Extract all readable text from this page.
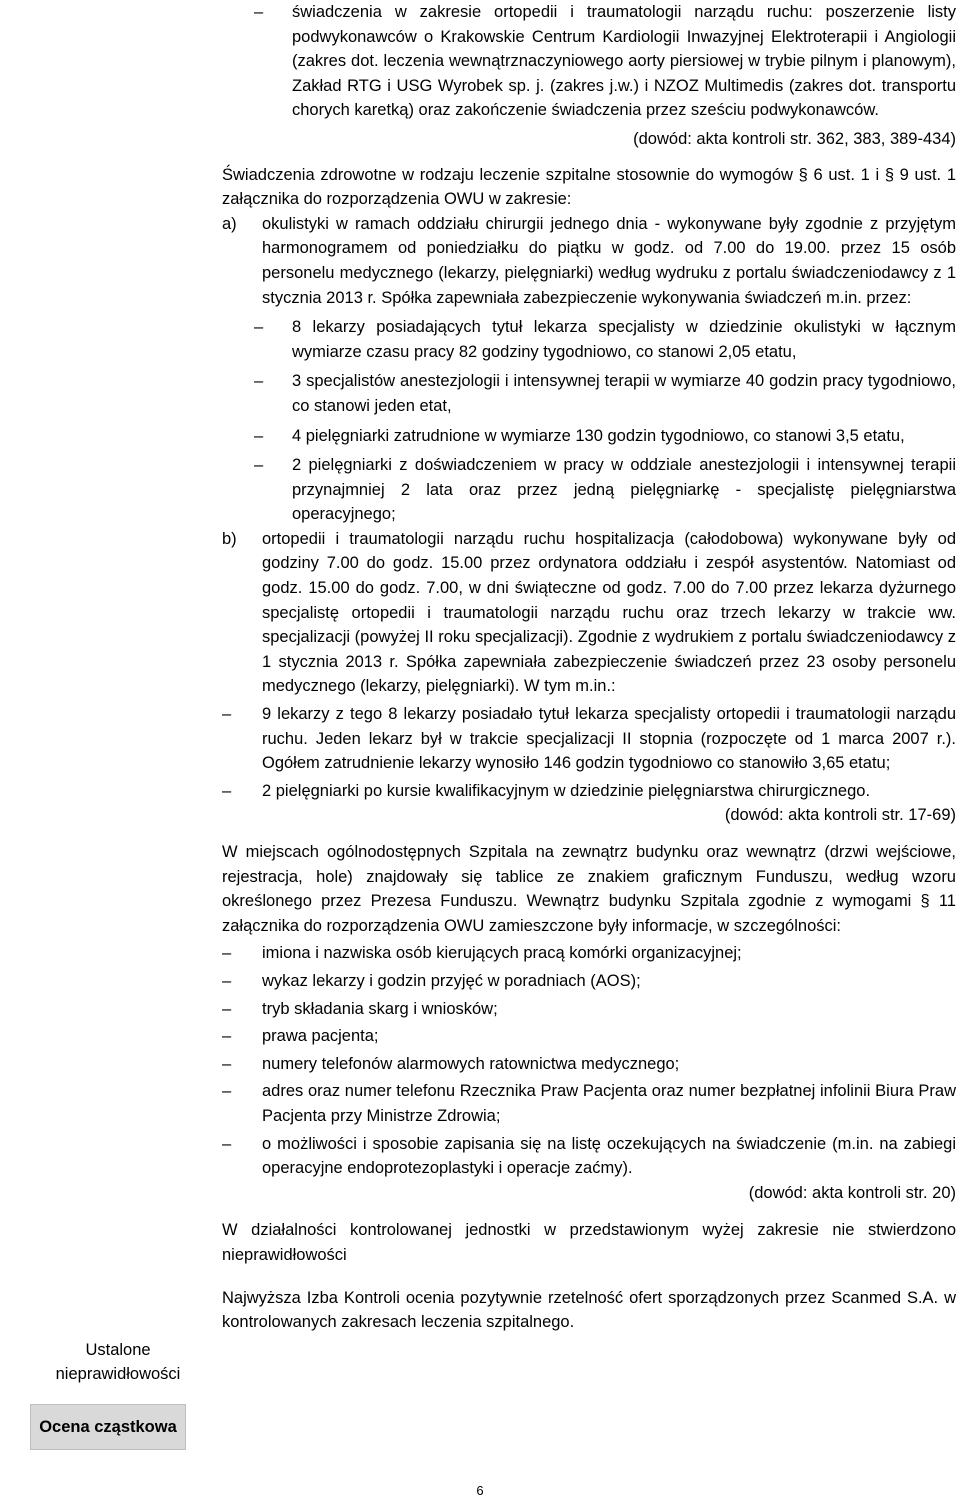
Ustalone nieprawidłowości
Ocena cząstkowa
–	świadczenia w zakresie ortopedii i traumatologii narządu ruchu: poszerzenie listy podwykonawców o Krakowskie Centrum Kardiologii Inwazyjnej Elektroterapii i Angiologii (zakres dot. leczenia wewnątrznaczyniowego aorty piersiowej w trybie pilnym i planowym), Zakład RTG i USG Wyrobek sp. j. (zakres j.w.) i NZOZ Multimedis (zakres dot. transportu chorych karetką) oraz zakończenie świadczenia przez sześciu podwykonawców.

(dowód: akta kontroli str. 362, 383, 389-434)

Świadczenia zdrowotne w rodzaju leczenie szpitalne stosownie do wymogów § 6 ust. 1 i § 9 ust. 1 załącznika do rozporządzenia OWU w zakresie:

a) okulistyki w ramach oddziału chirurgii jednego dnia - wykonywane były zgodnie z przyjętym harmonogramem od poniedziałku do piątku w godz. od 7.00 do 19.00. przez 15 osób personelu medycznego (lekarzy, pielęgniarki) według wydruku z portalu świadczeniodawcy z 1 stycznia 2013 r. Spółka zapewniała zabezpieczenie wykonywania świadczeń m.in. przez:
–	8 lekarzy posiadających tytuł lekarza specjalisty w dziedzinie okulistyki w łącznym wymiarze czasu pracy 82 godziny tygodniowo, co stanowi 2,05 etatu,
–	3 specjalistów anestezjologii i intensywnej terapii w wymiarze 40 godzin pracy tygodniowo, co stanowi jeden etat,
–	4 pielęgniarki zatrudnione w wymiarze 130 godzin tygodniowo, co stanowi 3,5 etatu,
–	2 pielęgniarki z doświadczeniem w pracy w oddziale anestezjologii i intensywnej terapii przynajmniej 2 lata oraz przez jedną pielęgniarkę - specjalistę pielęgniarstwa operacyjnego;
b) ortopedii i traumatologii narządu ruchu hospitalizacja (całodobowa) wykonywane były od godziny 7.00 do godz. 15.00 przez ordynatora oddziału i zespół asystentów. Natomiast od godz. 15.00 do godz. 7.00, w dni świąteczne od godz. 7.00 do 7.00 przez lekarza dyżurnego specjalistę ortopedii i traumatologii narządu ruchu oraz trzech lekarzy w trakcie ww. specjalizacji (powyżej II roku specjalizacji). Zgodnie z wydrukiem z portalu świadczeniodawcy z 1 stycznia 2013 r. Spółka zapewniała zabezpieczenie świadczeń przez 23 osoby personelu medycznego (lekarzy, pielęgniarki). W tym m.in.:
–	9 lekarzy z tego 8 lekarzy posiadało tytuł lekarza specjalisty ortopedii i traumatologii narządu ruchu. Jeden lekarz był w trakcie specjalizacji II stopnia (rozpoczęte od 1 marca 2007 r.). Ogółem zatrudnienie lekarzy wynosiło 146 godzin tygodniowo co stanowiło 3,65 etatu;
–	2 pielęgniarki po kursie kwalifikacyjnym w dziedzinie pielęgniarstwa chirurgicznego.

(dowód: akta kontroli str. 17-69)

W miejscach ogólnodostępnych Szpitala na zewnątrz budynku oraz wewnątrz (drzwi wejściowe, rejestracja, hole) znajdowały się tablice ze znakiem graficznym Funduszu, według wzoru określonego przez Prezesa Funduszu. Wewnątrz budynku Szpitala zgodnie z wymogami § 11 załącznika do rozporządzenia OWU zamieszczone były informacje, w szczególności:

–	imiona i nazwiska osób kierujących pracą komórki organizacyjnej;
–	wykaz lekarzy i godzin przyjęć w poradniach (AOS);
–	tryb składania skarg i wniosków;
–	prawa pacjenta;
–	numery telefonów alarmowych ratownictwa medycznego;
–	adres oraz numer telefonu Rzecznika Praw Pacjenta oraz numer bezpłatnej infolinii Biura Praw Pacjenta przy Ministrze Zdrowia;
–	o możliwości i sposobie zapisania się na listę oczekujących na świadczenie (m.in. na zabiegi operacyjne endoprotezoplastyki i operacje zaćmy).

(dowód: akta kontroli str. 20)

W działalności kontrolowanej jednostki w przedstawionym wyżej zakresie nie stwierdzono nieprawidłowości

Najwyższa Izba Kontroli ocenia pozytywnie rzetelność ofert sporządzonych przez Scanmed S.A. w kontrolowanych zakresach leczenia szpitalnego.

6
